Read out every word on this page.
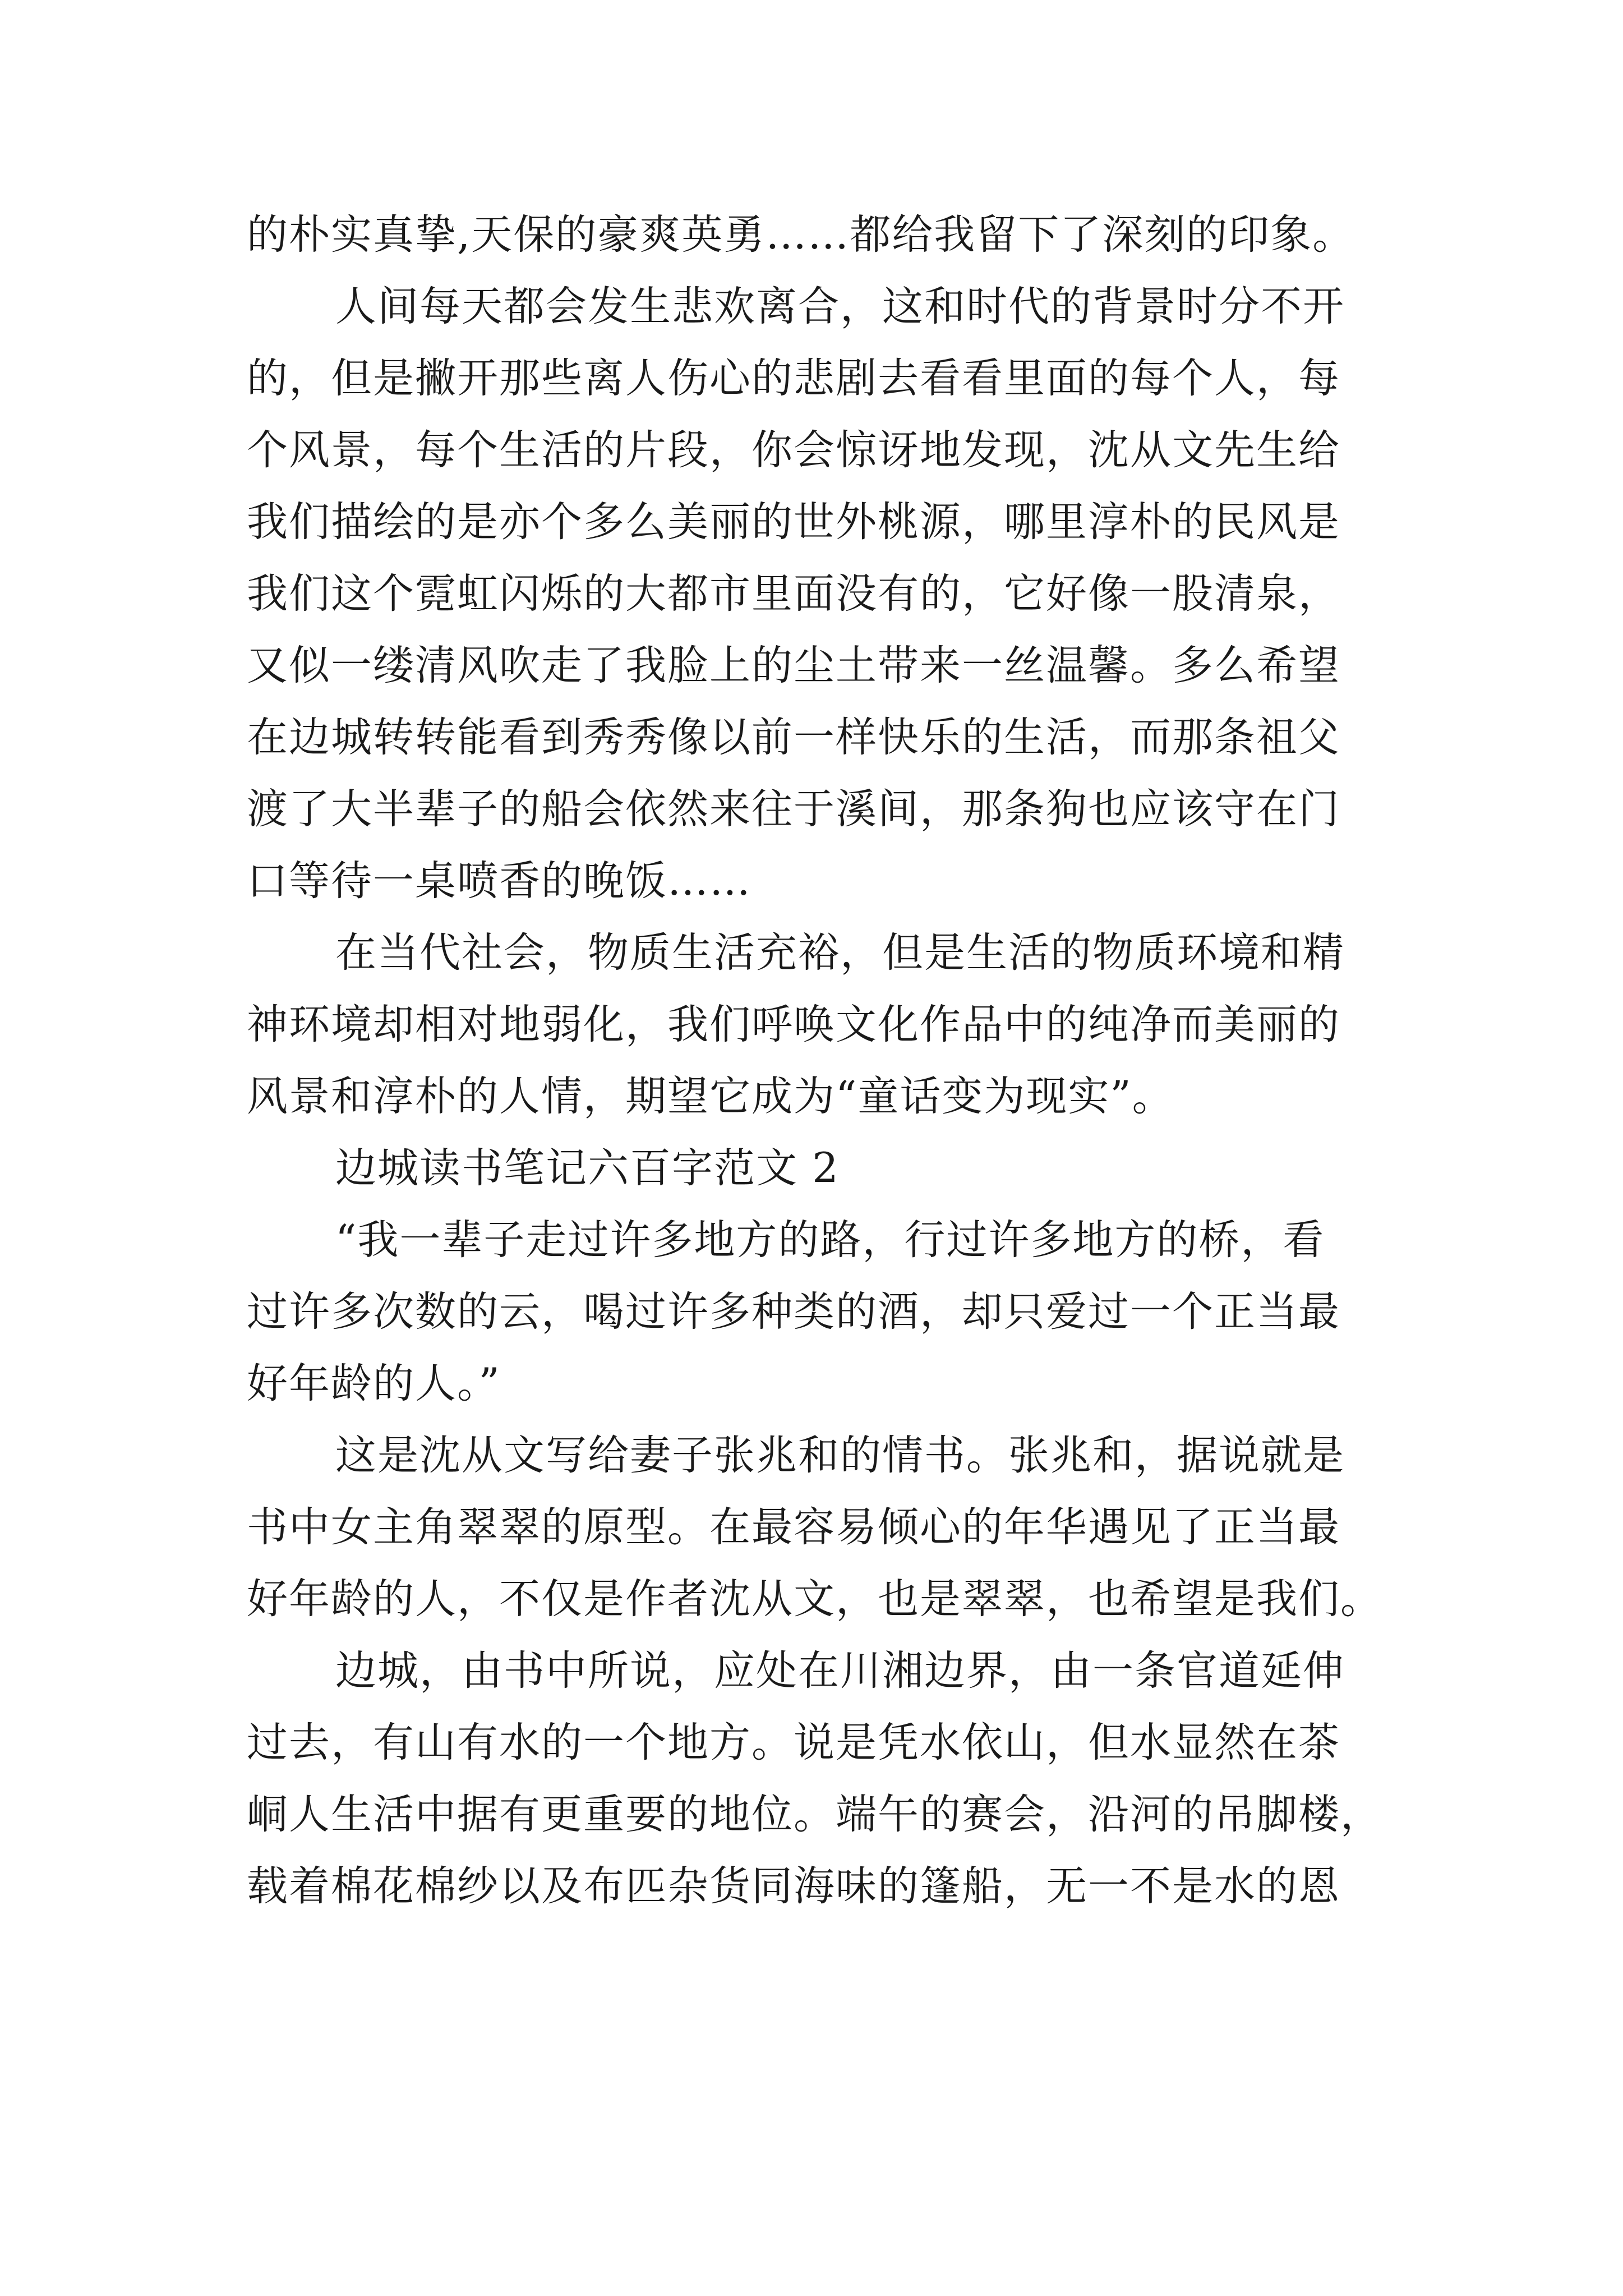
的朴实真挚,天保的豪爽英勇……都给我留下了深刻的印象。
人间每天都会发生悲欢离合，这和时代的背景时分不开
的，但是撇开那些离人伤心的悲剧去看看里面的每个人，每
个风景，每个生活的片段，你会惊讶地发现，沈从文先生给
我们描绘的是亦个多么美丽的世外桃源，哪里淳朴的民风是
我们这个霓虹闪烁的大都市里面没有的，它好像一股清泉，
又似一缕清风吹走了我脸上的尘土带来一丝温馨。多么希望
在边城转转能看到秀秀像以前一样快乐的生活，而那条祖父
渡了大半辈子的船会依然来往于溪间，那条狗也应该守在门
口等待一桌喷香的晚饭……
在当代社会，物质生活充裕，但是生活的物质环境和精
神环境却相对地弱化，我们呼唤文化作品中的纯净而美丽的
风景和淳朴的人情，期望它成为“童话变为现实”。
边城读书笔记六百字范文 2
“我一辈子走过许多地方的路，行过许多地方的桥，看
过许多次数的云，喝过许多种类的酒，却只爱过一个正当最
好年龄的人。”
这是沈从文写给妻子张兆和的情书。张兆和，据说就是
书中女主角翠翠的原型。在最容易倾心的年华遇见了正当最
好年龄的人，不仅是作者沈从文，也是翠翠，也希望是我们。
边城，由书中所说，应处在川湘边界，由一条官道延伸
过去，有山有水的一个地方。说是凭水依山，但水显然在茶
峒人生活中据有更重要的地位。端午的赛会，沿河的吊脚楼，
载着棉花棉纱以及布匹杂货同海味的篷船，无一不是水的恩
